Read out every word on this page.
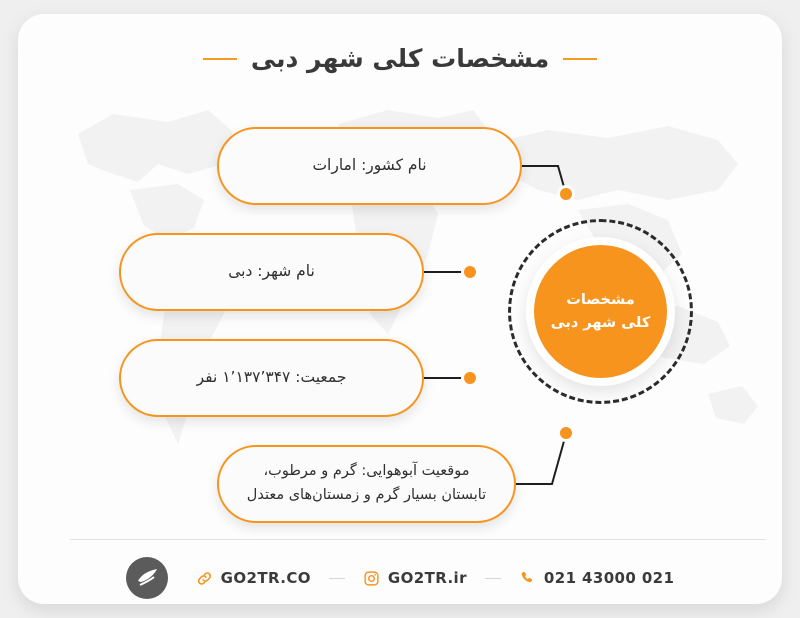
مشخصات کلی شهر دبی
مشخصات
کلی شهر دبی
نام کشور: امارات
نام شهر: دبی
جمعیت: ۱٬۱۳۷٬۳۴۷ نفر
موقعیت آبوهوایی: گرم و مرطوب،
تابستان بسیار گرم و زمستان‌های معتدل
GO2TR.CO	GO2TR.ir	021 43000 021
